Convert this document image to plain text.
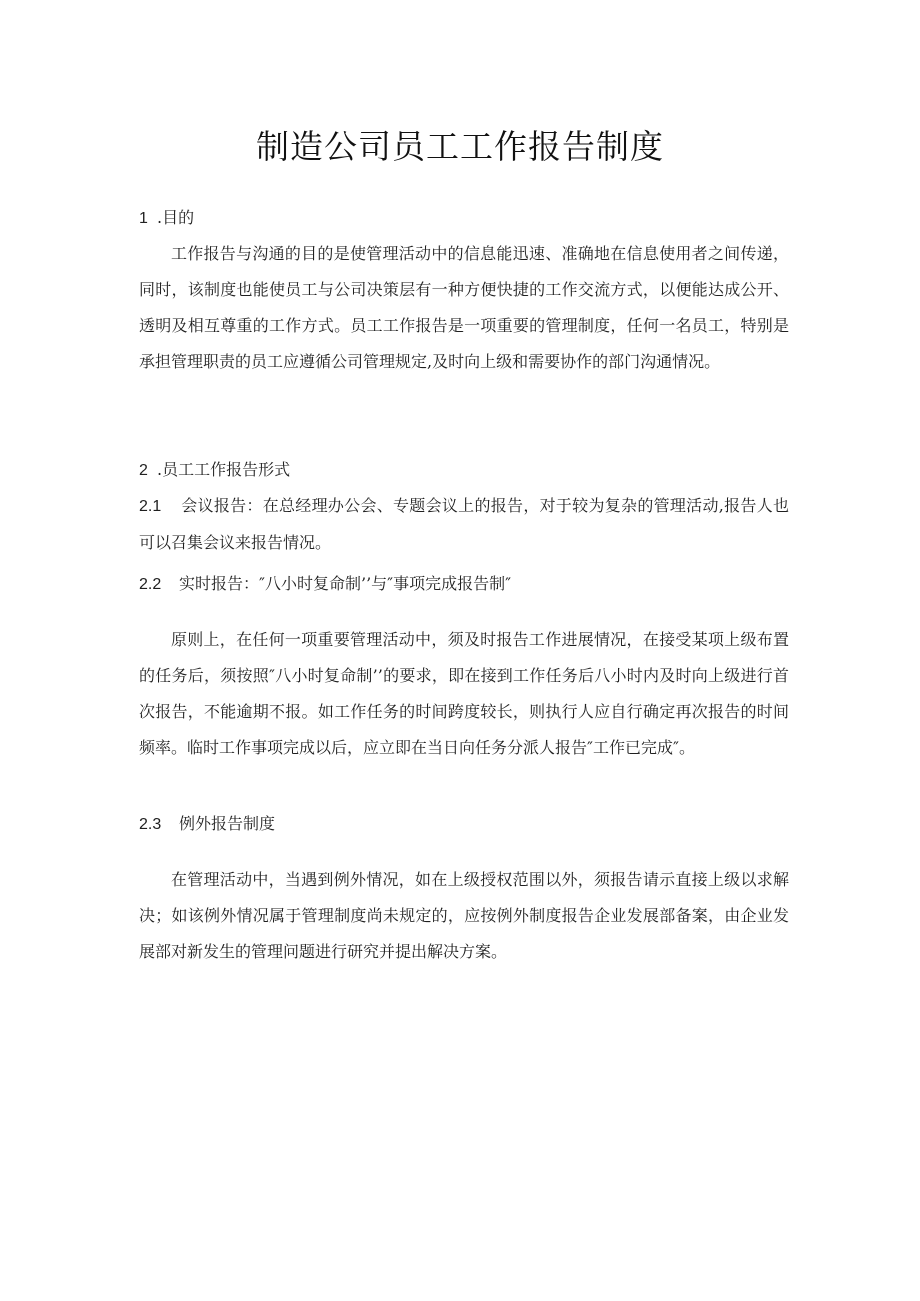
制造公司员工工作报告制度
1 .目的

工作报告与沟通的目的是使管理活动中的信息能迅速、准确地在信息使用者之间传递，同时，该制度也能使员工与公司决策层有一种方便快捷的工作交流方式，以便能达成公开、透明及相互尊重的工作方式。员工工作报告是一项重要的管理制度，任何一名员工，特别是承担管理职责的员工应遵循公司管理规定,及时向上级和需要协作的部门沟通情况。

2 .员工工作报告形式

2.1 会议报告：在总经理办公会、专题会议上的报告，对于较为复杂的管理活动,报告人也可以召集会议来报告情况。

2.2 实时报告：″八小时复命制’’与″事项完成报告制″

原则上，在任何一项重要管理活动中，须及时报告工作进展情况，在接受某项上级布置的任务后，须按照″八小时复命制’’的要求，即在接到工作任务后八小时内及时向上级进行首次报告，不能逾期不报。如工作任务的时间跨度较长，则执行人应自行确定再次报告的时间频率。临时工作事项完成以后，应立即在当日向任务分派人报告″工作已完成″。

2.3 例外报告制度

在管理活动中，当遇到例外情况，如在上级授权范围以外，须报告请示直接上级以求解决；如该例外情况属于管理制度尚未规定的，应按例外制度报告企业发展部备案，由企业发展部对新发生的管理问题进行研究并提出解决方案。
